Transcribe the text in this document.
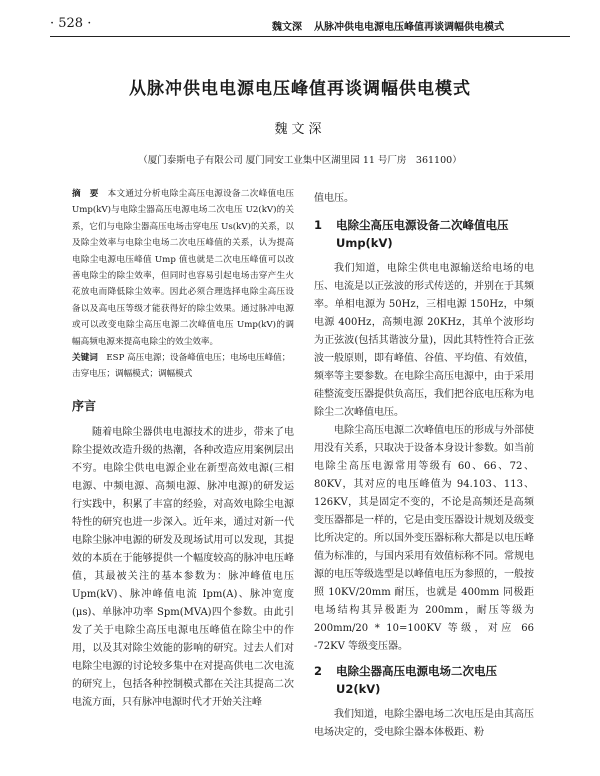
· 528 ·	魏文深 从脉冲供电电源电压峰值再谈调幅供电模式
从脉冲供电电源电压峰值再谈调幅供电模式
魏文深
（厦门泰斯电子有限公司 厦门同安工业集中区湖里园 11 号厂房　361100）

摘　要　 本文通过分析电除尘高压电源设备二次峰值电压 Ump(kV)与电除尘器高压电源电场二次电压 U2(kV)的关系，它们与电除尘器高压电场击穿电压 Us(kV)的关系，以及除尘效率与电除尘电场二次电压峰值的关系，认为提高电除尘电源电压峰值 Ump 值也就是二次电压峰值可以改善电除尘的除尘效率，但同时也容易引起电场击穿产生火花放电而降低除尘效率。因此必须合理选择电除尘高压设备以及高电压等级才能获得好的除尘效果。通过脉冲电源或可以改变电除尘高压电源二次峰值电压 Ump(kV)的调幅高频电源来提高电除尘的效尘效率。

关键词　 ESP 高压电源；设备峰值电压；电场电压峰值；击穿电压；调幅模式；调幅模式

序言

随着电除尘器供电电源技术的进步，带来了电除尘提效改造升级的热潮，各种改造应用案例层出不穷。电除尘供电电源企业在新型高效电源(三相电源、中频电源、高频电源、脉冲电源)的研发运行实践中，积累了丰富的经验，对高效电除尘电源特性的研究也进一步深入。近年来，通过对新一代电除尘脉冲电源的研发及现场试用可以发现，其提效的本质在于能够提供一个幅度较高的脉冲电压峰值，其最被关注的基本参数为：脉冲峰值电压 Upm(kV)、脉冲峰值电流 Ipm(A)、脉冲宽度(μs)、单脉冲功率 Spm(MVA)四个参数。由此引发了关于电除尘高压电源电压峰值在除尘中的作用，以及其对除尘效能的影响的研究。过去人们对电除尘电源的讨论较多集中在对提高供电二次电流的研究上，包括各种控制模式都在关注其提高二次电流方面，只有脉冲电源时代才开始关注峰

值电压。

1	电除尘高压电源设备二次峰值电压 Ump(kV)

我们知道，电除尘供电电源输送给电场的电压、电流是以正弦波的形式传送的，并别在于其频率。单相电源为 50Hz，三相电源 150Hz，中频电源 400Hz，高频电源 20KHz，其单个波形均为正弦波(包括其谐波分量)，因此其特性符合正弦波一般原则，即有峰值、谷值、平均值、有效值，频率等主要参数。在电除尘高压电源中，由于采用硅整流变压器提供负高压，我们把谷底电压称为电除尘二次峰值电压。

电除尘高压电源二次峰值电压的形成与外部使用没有关系，只取决于设备本身设计参数。如当前电除尘高压电源常用等级有 60、66、72、80KV，其对应的电压峰值为 94.103、113、126KV，其是固定不变的，不论是高频还是高频变压器都是一样的，它是由变压器设计规划及级变比所决定的。所以国外变压器标称大都是以电压峰值为标准的，与国内采用有效值标称不同。常规电源的电压等级选型是以峰值电压为参照的，一般按照 10KV/20mm 耐压，也就是 400mm 同极距电场结构其异极距为 200mm，耐压等级为 200mm/20 * 10=100KV 等级，对应 66 -72KV 等级变压器。

2	电除尘器高压电源电场二次电压 U2(kV)

我们知道，电除尘器电场二次电压是由其高压电场决定的，受电除尘器本体极距、粉
